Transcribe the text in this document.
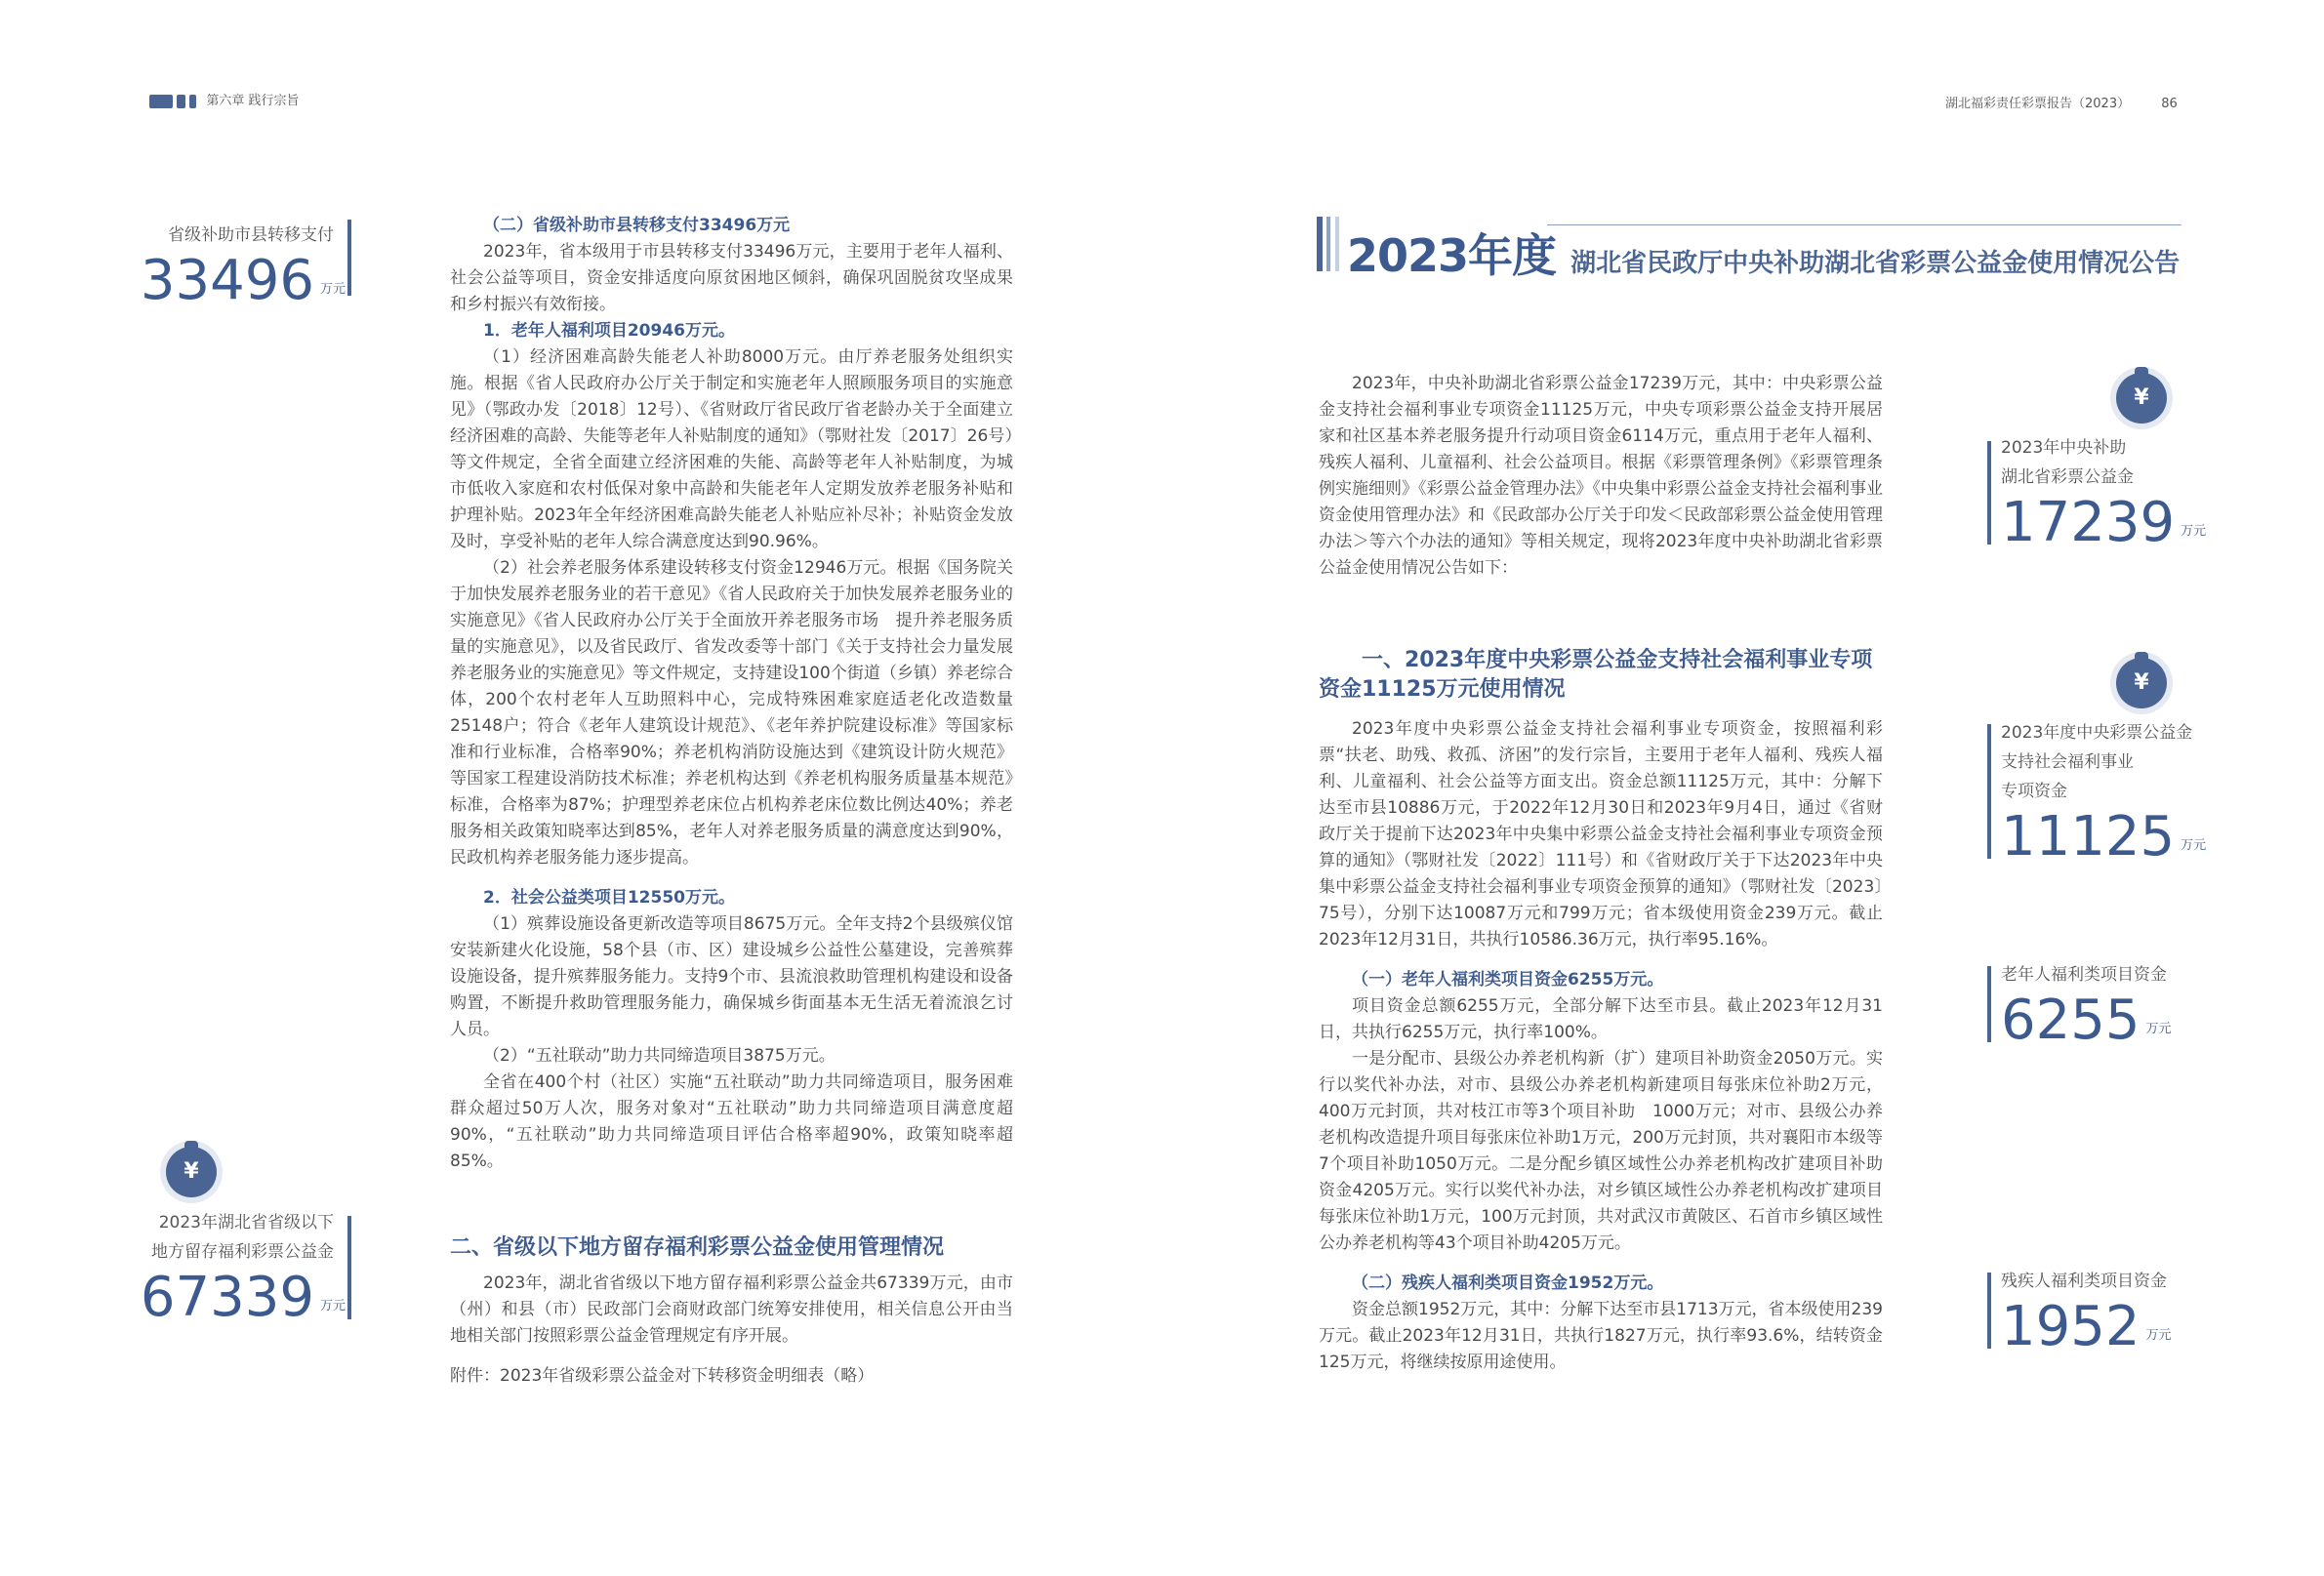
第六章 践行宗旨	湖北福彩责任彩票报告（2023） 86
省级补助市县转移支付
33496 万元
¥
2023年湖北省省级以下
地方留存福利彩票公益金
67339 万元

（二）省级补助市县转移支付33496万元

2023年，省本级用于市县转移支付33496万元，主要用于老年人福利、社会公益等项目，资金安排适度向原贫困地区倾斜，确保巩固脱贫攻坚成果和乡村振兴有效衔接。

1．老年人福利项目20946万元。

（1）经济困难高龄失能老人补助8000万元。由厅养老服务处组织实施。根据《省人民政府办公厅关于制定和实施老年人照顾服务项目的实施意见》（鄂政办发〔2018〕12号）、《省财政厅省民政厅省老龄办关于全面建立经济困难的高龄、失能等老年人补贴制度的通知》（鄂财社发〔2017〕26号）等文件规定，全省全面建立经济困难的失能、高龄等老年人补贴制度，为城市低收入家庭和农村低保对象中高龄和失能老年人定期发放养老服务补贴和护理补贴。2023年全年经济困难高龄失能老人补贴应补尽补；补贴资金发放及时，享受补贴的老年人综合满意度达到90.96%。

（2）社会养老服务体系建设转移支付资金12946万元。根据《国务院关于加快发展养老服务业的若干意见》《省人民政府关于加快发展养老服务业的实施意见》《省人民政府办公厅关于全面放开养老服务市场　提升养老服务质量的实施意见》，以及省民政厅、省发改委等十部门《关于支持社会力量发展养老服务业的实施意见》等文件规定，支持建设100个街道（乡镇）养老综合体，200个农村老年人互助照料中心，完成特殊困难家庭适老化改造数量25148户；符合《老年人建筑设计规范》、《老年养护院建设标准》等国家标准和行业标准，合格率90%；养老机构消防设施达到《建筑设计防火规范》等国家工程建设消防技术标准；养老机构达到《养老机构服务质量基本规范》标准，合格率为87%；护理型养老床位占机构养老床位数比例达40%；养老服务相关政策知晓率达到85%，老年人对养老服务质量的满意度达到90%，民政机构养老服务能力逐步提高。

2．社会公益类项目12550万元。

（1）殡葬设施设备更新改造等项目8675万元。全年支持2个县级殡仪馆安装新建火化设施，58个县（市、区）建设城乡公益性公墓建设，完善殡葬设施设备，提升殡葬服务能力。支持9个市、县流浪救助管理机构建设和设备购置，不断提升救助管理服务能力，确保城乡街面基本无生活无着流浪乞讨人员。

（2）“五社联动”助力共同缔造项目3875万元。

全省在400个村（社区）实施“五社联动”助力共同缔造项目，服务困难群众超过50万人次，服务对象对“五社联动”助力共同缔造项目满意度超90%，“五社联动”助力共同缔造项目评估合格率超90%，政策知晓率超85%。

二、省级以下地方留存福利彩票公益金使用管理情况

2023年，湖北省省级以下地方留存福利彩票公益金共67339万元，由市（州）和县（市）民政部门会商财政部门统筹安排使用，相关信息公开由当地相关部门按照彩票公益金管理规定有序开展。

附件：2023年省级彩票公益金对下转移资金明细表（略）

2023年度 湖北省民政厅中央补助湖北省彩票公益金使用情况公告

2023年，中央补助湖北省彩票公益金17239万元，其中：中央彩票公益金支持社会福利事业专项资金11125万元，中央专项彩票公益金支持开展居家和社区基本养老服务提升行动项目资金6114万元，重点用于老年人福利、残疾人福利、儿童福利、社会公益项目。根据《彩票管理条例》《彩票管理条例实施细则》《彩票公益金管理办法》《中央集中彩票公益金支持社会福利事业资金使用管理办法》和《民政部办公厅关于印发＜民政部彩票公益金使用管理办法＞等六个办法的通知》等相关规定，现将2023年度中央补助湖北省彩票公益金使用情况公告如下：

一、2023年度中央彩票公益金支持社会福利事业专项资金11125万元使用情况

2023年度中央彩票公益金支持社会福利事业专项资金，按照福利彩票“扶老、助残、救孤、济困”的发行宗旨，主要用于老年人福利、残疾人福利、儿童福利、社会公益等方面支出。资金总额11125万元，其中：分解下达至市县10886万元，于2022年12月30日和2023年9月4日，通过《省财政厅关于提前下达2023年中央集中彩票公益金支持社会福利事业专项资金预算的通知》（鄂财社发〔2022〕111号）和《省财政厅关于下达2023年中央集中彩票公益金支持社会福利事业专项资金预算的通知》（鄂财社发〔2023〕75号），分别下达10087万元和799万元；省本级使用资金239万元。截止2023年12月31日，共执行10586.36万元，执行率95.16%。

（一）老年人福利类项目资金6255万元。

项目资金总额6255万元，全部分解下达至市县。截止2023年12月31日，共执行6255万元，执行率100%。

一是分配市、县级公办养老机构新（扩）建项目补助资金2050万元。实行以奖代补办法，对市、县级公办养老机构新建项目每张床位补助2万元，400万元封顶，共对枝江市等3个项目补助　1000万元；对市、县级公办养老机构改造提升项目每张床位补助1万元，200万元封顶，共对襄阳市本级等7个项目补助1050万元。二是分配乡镇区域性公办养老机构改扩建项目补助资金4205万元。实行以奖代补办法，对乡镇区域性公办养老机构改扩建项目每张床位补助1万元，100万元封顶，共对武汉市黄陂区、石首市乡镇区域性公办养老机构等43个项目补助4205万元。

（二）残疾人福利类项目资金1952万元。

资金总额1952万元，其中：分解下达至市县1713万元，省本级使用239万元。截止2023年12月31日，共执行1827万元，执行率93.6%，结转资金125万元，将继续按原用途使用。

¥
2023年中央补助
湖北省彩票公益金
17239 万元
¥
2023年度中央彩票公益金
支持社会福利事业
专项资金
11125 万元
老年人福利类项目资金
6255 万元
残疾人福利类项目资金
1952 万元
